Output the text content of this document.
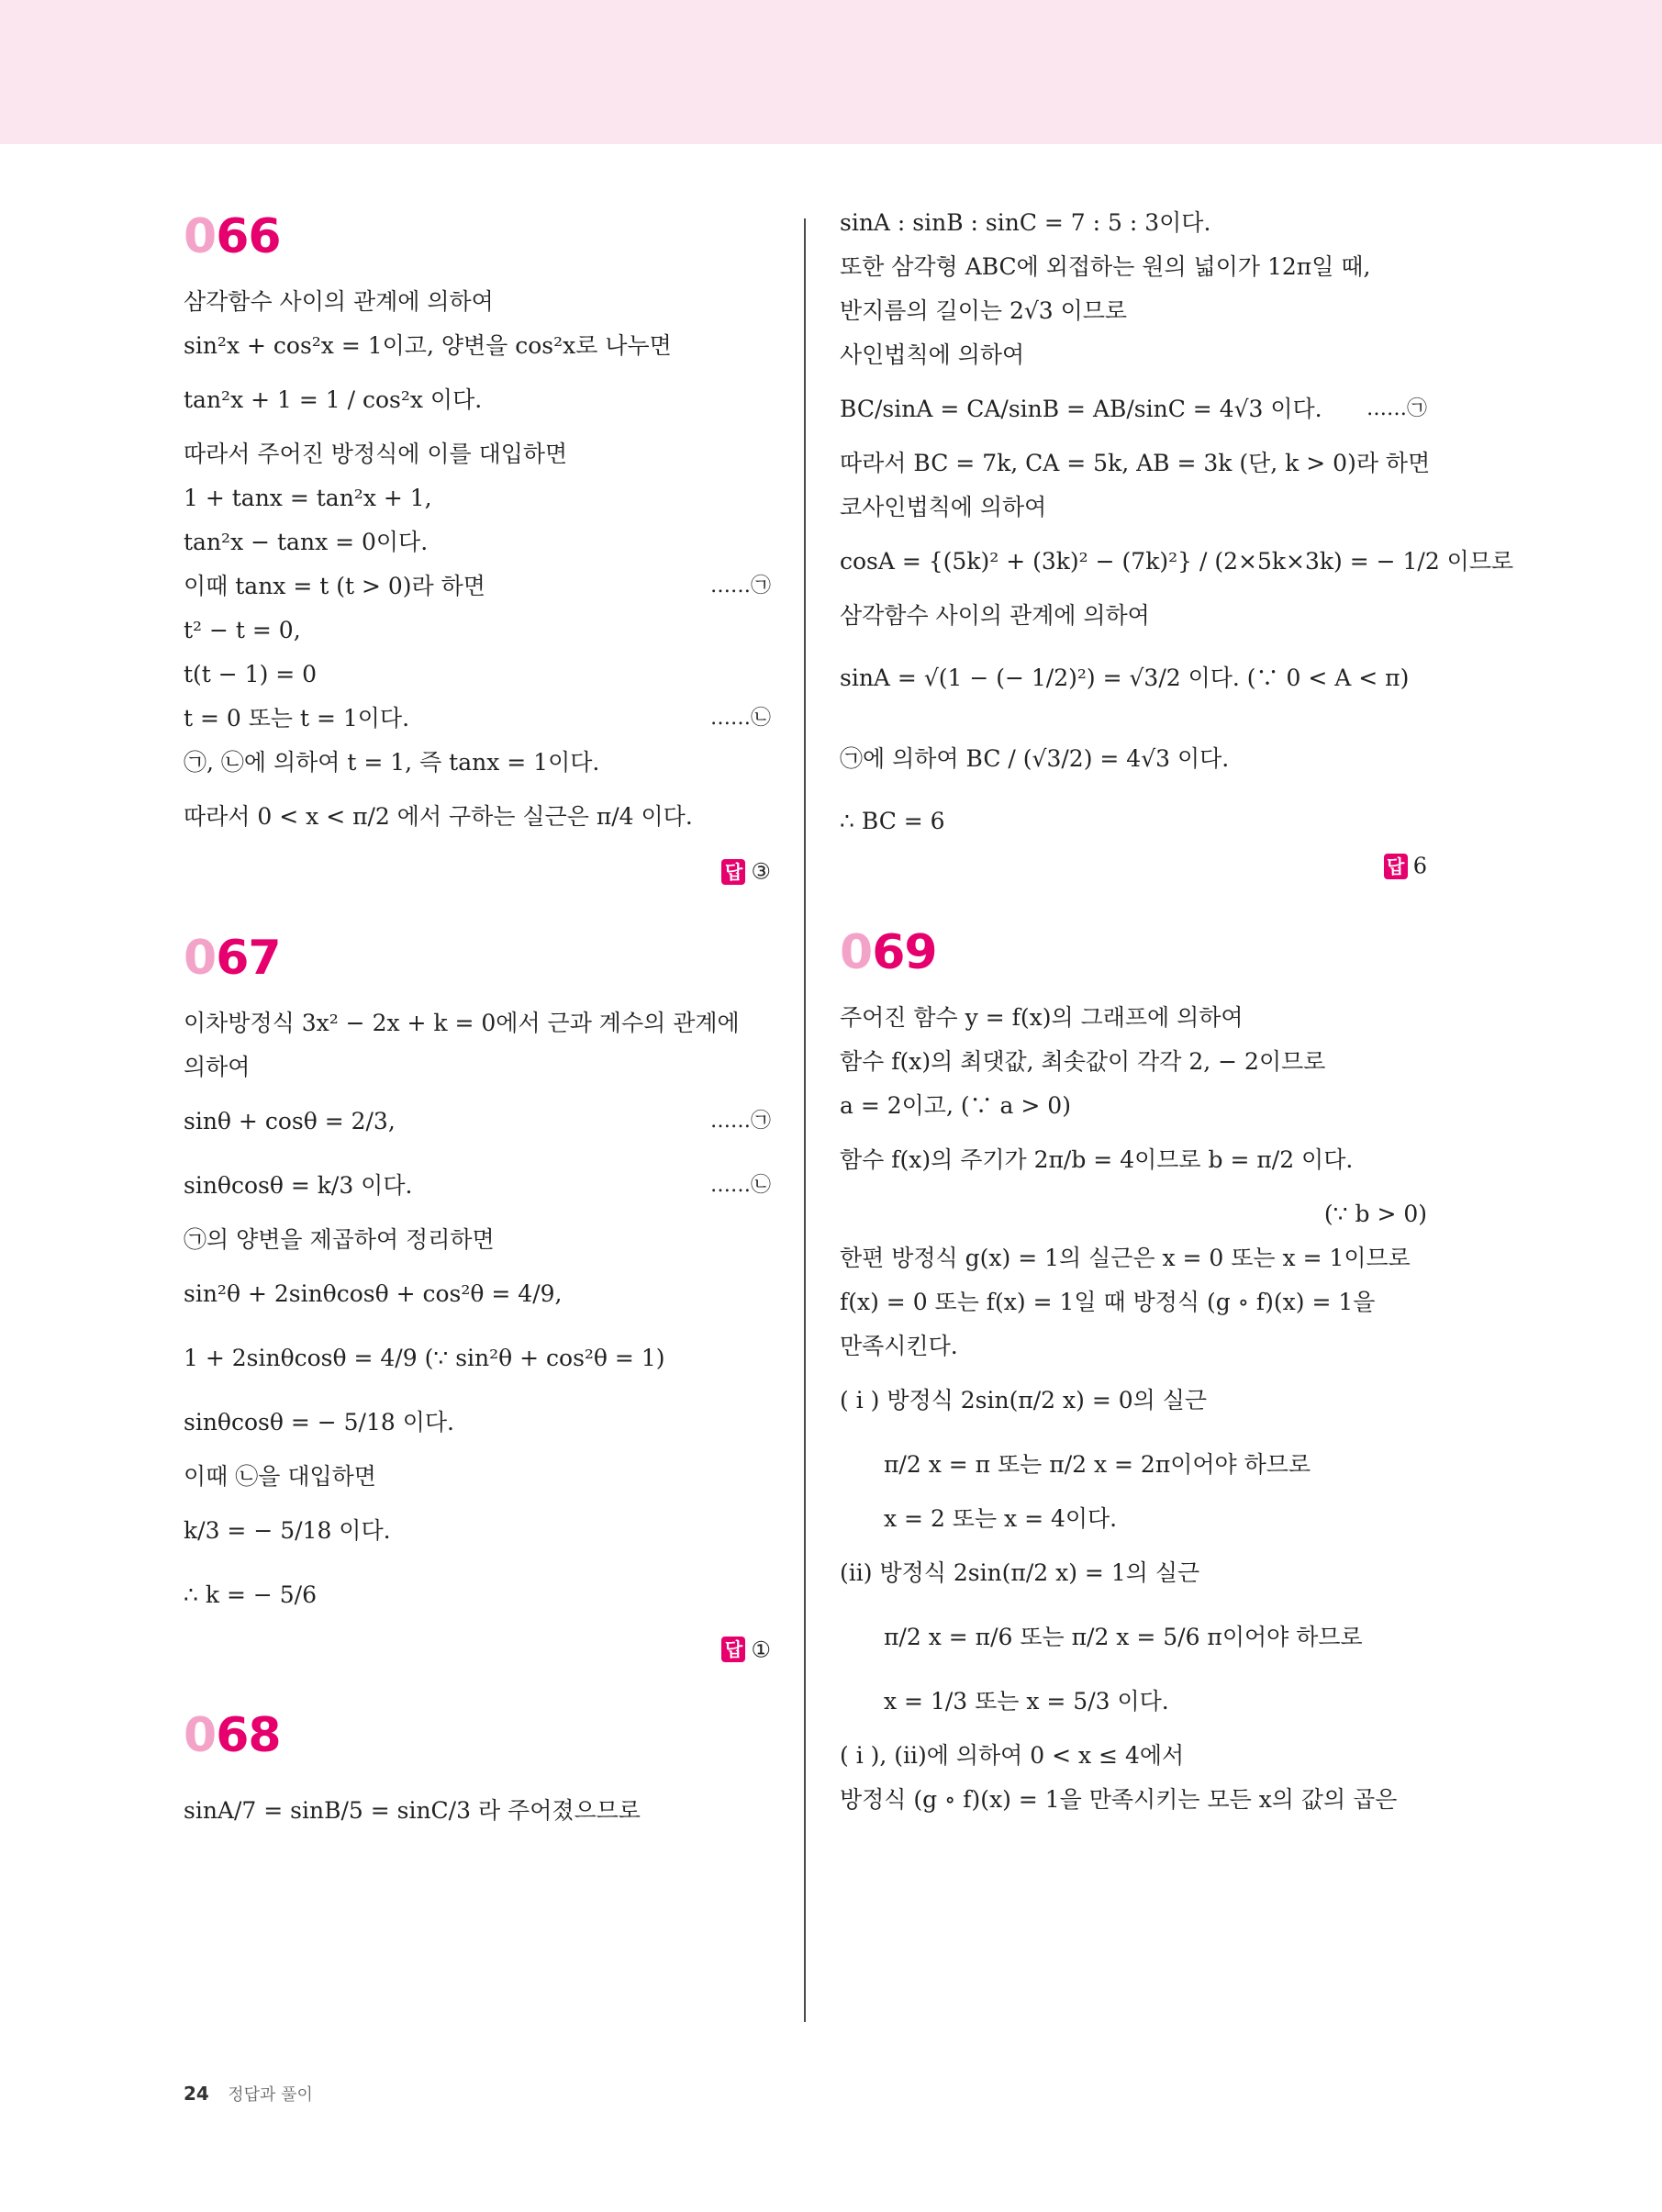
066
삼각함수 사이의 관계에 의하여
sin²x + cos²x = 1이고, 양변을 cos²x로 나누면
tan²x + 1 = 1 / cos²x 이다.
따라서 주어진 방정식에 이를 대입하면
1 + tanx = tan²x + 1,
tan²x − tanx = 0이다.
이때 tanx = t (t > 0)라 하면	……㉠
t² − t = 0,
t(t − 1) = 0
t = 0 또는 t = 1이다.	……㉡
㉠, ㉡에 의하여 t = 1, 즉 tanx = 1이다.
따라서 0 < x < π/2 에서 구하는 실근은 π/4 이다.
답 ③
067
이차방정식 3x² − 2x + k = 0에서 근과 계수의 관계에
의하여
sinθ + cosθ = 2/3,	……㉠
sinθcosθ = k/3 이다.	……㉡
㉠의 양변을 제곱하여 정리하면
sin²θ + 2sinθcosθ + cos²θ = 4/9,
1 + 2sinθcosθ = 4/9 (∵ sin²θ + cos²θ = 1)
sinθcosθ = − 5/18 이다.
이때 ㉡을 대입하면
k/3 = − 5/18 이다.
∴ k = − 5/6
답 ①
068
sinA/7 = sinB/5 = sinC/3 라 주어졌으므로
sinA : sinB : sinC = 7 : 5 : 3이다.
또한 삼각형 ABC에 외접하는 원의 넓이가 12π일 때,
반지름의 길이는 2√3 이므로
사인법칙에 의하여
BC/sinA = CA/sinB = AB/sinC = 4√3 이다. ……㉠
따라서 BC = 7k, CA = 5k, AB = 3k (단, k > 0)라 하면
코사인법칙에 의하여
cosA = {(5k)² + (3k)² − (7k)²} / (2×5k×3k) = − 1/2 이므로
삼각함수 사이의 관계에 의하여
sinA = √(1 − (− 1/2)²) = √3/2 이다. (∵ 0 < A < π)
㉠에 의하여 BC / (√3/2) = 4√3 이다.
∴ BC = 6
답 6
069
주어진 함수 y = f(x)의 그래프에 의하여
함수 f(x)의 최댓값, 최솟값이 각각 2, − 2이므로
a = 2이고, (∵ a > 0)
함수 f(x)의 주기가 2π/b = 4이므로 b = π/2 이다.
(∵ b > 0)
한편 방정식 g(x) = 1의 실근은 x = 0 또는 x = 1이므로
f(x) = 0 또는 f(x) = 1일 때 방정식 (g ∘ f)(x) = 1을
만족시킨다.
( i ) 방정식 2sin(π/2 x) = 0의 실근
π/2 x = π 또는 π/2 x = 2π이어야 하므로
x = 2 또는 x = 4이다.
(ii) 방정식 2sin(π/2 x) = 1의 실근
π/2 x = π/6 또는 π/2 x = 5/6 π이어야 하므로
x = 1/3 또는 x = 5/3 이다.
( i ), (ii)에 의하여 0 < x ≤ 4에서
방정식 (g ∘ f)(x) = 1을 만족시키는 모든 x의 값의 곱은
24 정답과 풀이
